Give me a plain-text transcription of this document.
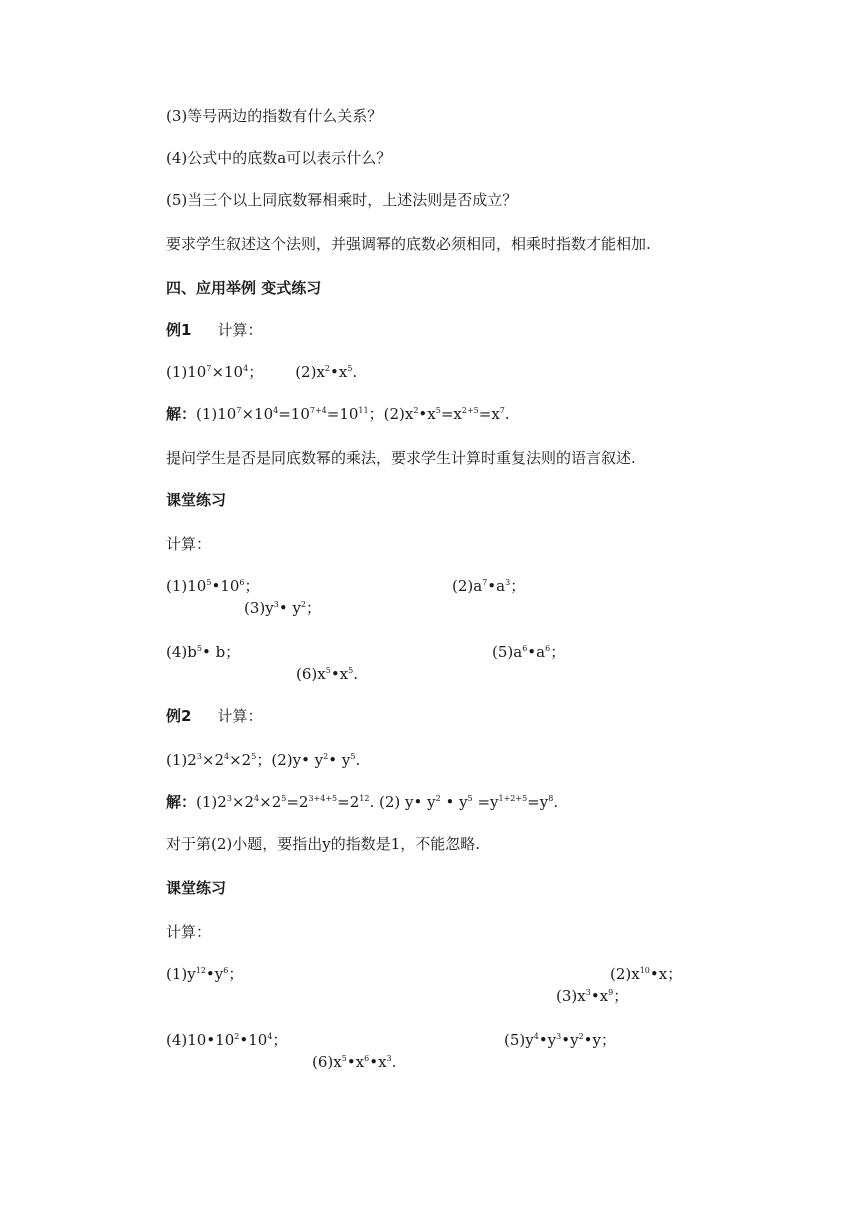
(3)等号两边的指数有什么关系？
(4)公式中的底数a可以表示什么？
(5)当三个以上同底数幂相乘时，上述法则是否成立？
要求学生叙述这个法则，并强调幂的底数必须相同，相乘时指数才能相加.
四、应用举例 变式练习
例1 计算：
$(1)10^7\times 10^4$； $(2)x^2•x^5$.
解：$(1)10^7\times 10^4=10^{7+4}=10^{11}$；$(2)x^2•x^5=x^{2+5}=x^7$.
提问学生是否是同底数幂的乘法，要求学生计算时重复法则的语言叙述.
课堂练习
计算：
$(1)10^5•10^6$；	$(2)a^7•a^3$；
$(3)y^3•$ $y^2$；
$(4)b^5•$ b；	$(5)a^6•a^6$；
$(6)x^5•x^5$.
例2 计算：
$(1)2^3\times 2^4\times 2^5$；(2)y• $y^2•$ $y^5$.
解：$(1)2^3\times 2^4\times 2^5=2^{3+4+5}=2^{12}$. (2) y• $y^2$ • $y^5 =y^{1+2+5}=y^8$.
对于第(2)小题，要指出y的指数是1，不能忽略.
课堂练习
计算：
$(1)y^{12}•y^6$；	$(2)x^{10}•x$；
$(3)x^3•x^9$；
$(4)10•10^2•10^4$；	$(5)y^4•y^3•y^2•y$；
$(6)x^5•x^6•x^3$.
